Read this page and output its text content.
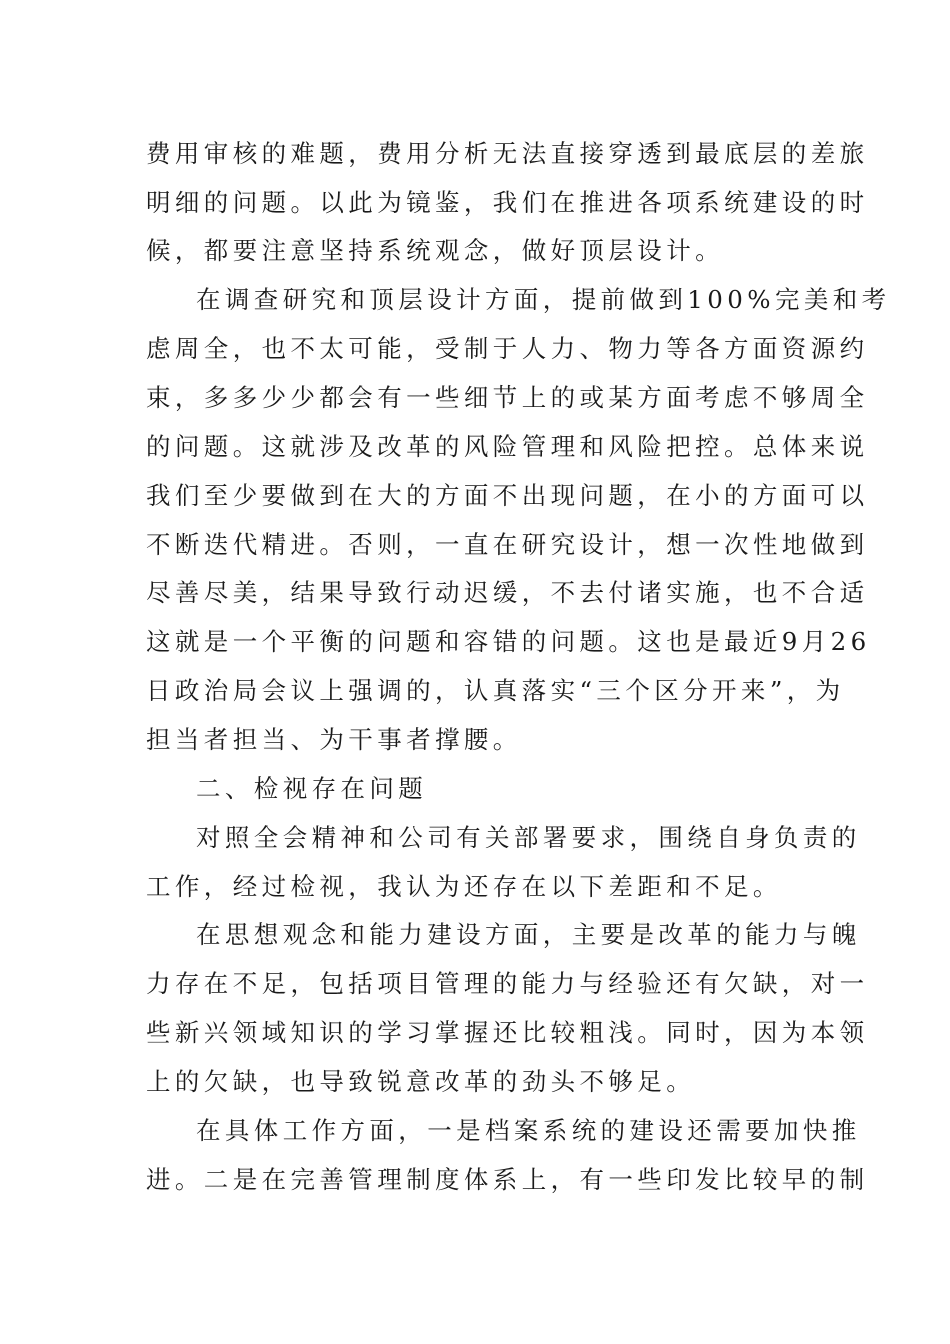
费用审核的难题，费用分析无法直接穿透到最底层的差旅
明细的问题。以此为镜鉴，我们在推进各项系统建设的时
候，都要注意坚持系统观念，做好顶层设计。
在调查研究和顶层设计方面，提前做到100%完美和考
虑周全，也不太可能，受制于人力、物力等各方面资源约
束，多多少少都会有一些细节上的或某方面考虑不够周全
的问题。这就涉及改革的风险管理和风险把控。总体来说
我们至少要做到在大的方面不出现问题，在小的方面可以
不断迭代精进。否则，一直在研究设计，想一次性地做到
尽善尽美，结果导致行动迟缓，不去付诸实施，也不合适
这就是一个平衡的问题和容错的问题。这也是最近9月26
日政治局会议上强调的，认真落实“三个区分开来”，为
担当者担当、为干事者撑腰。
二、检视存在问题
对照全会精神和公司有关部署要求，围绕自身负责的
工作，经过检视，我认为还存在以下差距和不足。
在思想观念和能力建设方面，主要是改革的能力与魄
力存在不足，包括项目管理的能力与经验还有欠缺，对一
些新兴领域知识的学习掌握还比较粗浅。同时，因为本领
上的欠缺，也导致锐意改革的劲头不够足。
在具体工作方面，一是档案系统的建设还需要加快推
进。二是在完善管理制度体系上，有一些印发比较早的制
